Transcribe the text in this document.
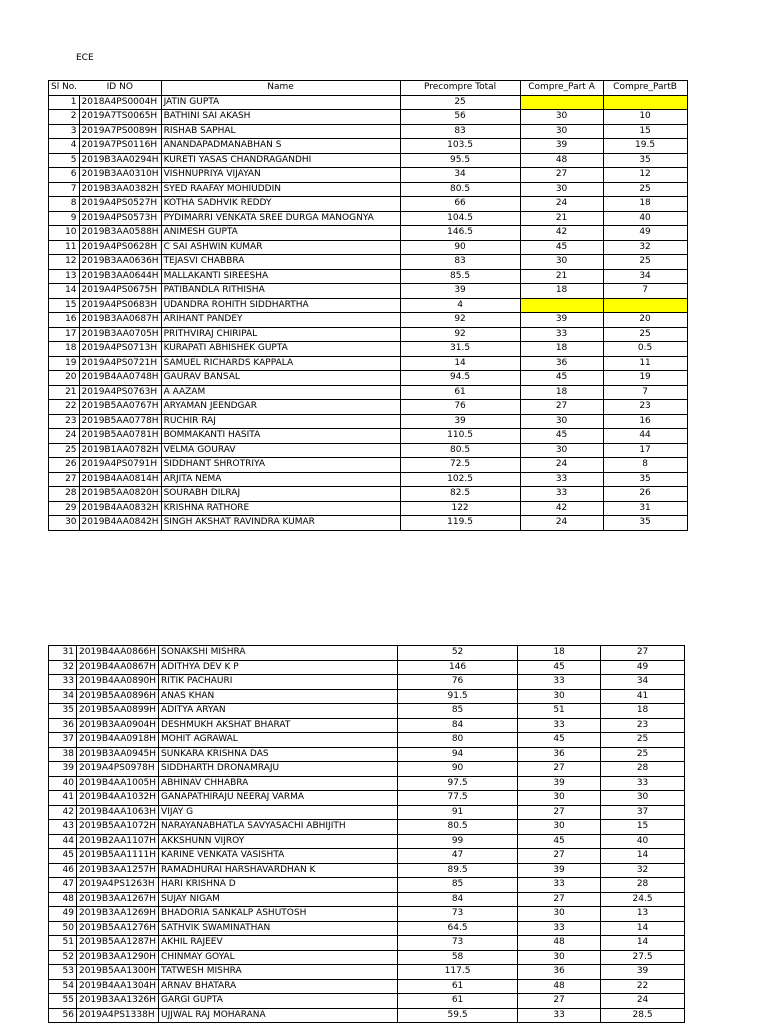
ECE
Sl No.	ID NO	Name	Precompre Total	Compre_Part A	Compre_PartB
1	2018A4PS0004H	JATIN GUPTA	25		
2	2019A7TS0065H	BATHINI SAI AKASH	56	30	10
3	2019A7PS0089H	RISHAB SAPHAL	83	30	15
4	2019A7PS0116H	ANANDAPADMANABHAN S	103.5	39	19.5
5	2019B3AA0294H	KURETI YASAS CHANDRAGANDHI	95.5	48	35
6	2019B3AA0310H	VISHNUPRIYA VIJAYAN	34	27	12
7	2019B3AA0382H	SYED RAAFAY MOHIUDDIN	80.5	30	25
8	2019A4PS0527H	KOTHA SADHVIK REDDY	66	24	18
9	2019A4PS0573H	PYDIMARRI VENKATA SREE DURGA MANOGNYA	104.5	21	40
10	2019B3AA0588H	ANIMESH GUPTA	146.5	42	49
11	2019A4PS0628H	C SAI ASHWIN KUMAR	90	45	32
12	2019B3AA0636H	TEJASVI CHABBRA	83	30	25
13	2019B3AA0644H	MALLAKANTI SIREESHA	85.5	21	34
14	2019A4PS0675H	PATIBANDLA RITHISHA	39	18	7
15	2019A4PS0683H	UDANDRA ROHITH SIDDHARTHA	4		
16	2019B3AA0687H	ARIHANT PANDEY	92	39	20
17	2019B3AA0705H	PRITHVIRAJ CHIRIPAL	92	33	25
18	2019A4PS0713H	KURAPATI ABHISHEK GUPTA	31.5	18	0.5
19	2019A4PS0721H	SAMUEL RICHARDS KAPPALA	14	36	11
20	2019B4AA0748H	GAURAV BANSAL	94.5	45	19
21	2019A4PS0763H	A AAZAM	61	18	7
22	2019B5AA0767H	ARYAMAN JEENDGAR	76	27	23
23	2019B5AA0778H	RUCHIR RAJ	39	30	16
24	2019B5AA0781H	BOMMAKANTI HASITA	110.5	45	44
25	2019B1AA0782H	VELMA GOURAV	80.5	30	17
26	2019A4PS0791H	SIDDHANT SHROTRIYA	72.5	24	8
27	2019B4AA0814H	ARJITA NEMA	102.5	33	35
28	2019B5AA0820H	SOURABH DILRAJ	82.5	33	26
29	2019B4AA0832H	KRISHNA RATHORE	122	42	31
30	2019B4AA0842H	SINGH AKSHAT RAVINDRA KUMAR	119.5	24	35
31	2019B4AA0866H	SONAKSHI MISHRA	52	18	27
32	2019B4AA0867H	ADITHYA DEV K P	146	45	49
33	2019B4AA0890H	RITIK PACHAURI	76	33	34
34	2019B5AA0896H	ANAS KHAN	91.5	30	41
35	2019B5AA0899H	ADITYA ARYAN	85	51	18
36	2019B3AA0904H	DESHMUKH AKSHAT BHARAT	84	33	23
37	2019B4AA0918H	MOHIT AGRAWAL	80	45	25
38	2019B3AA0945H	SUNKARA KRISHNA DAS	94	36	25
39	2019A4PS0978H	SIDDHARTH DRONAMRAJU	90	27	28
40	2019B4AA1005H	ABHINAV CHHABRA	97.5	39	33
41	2019B4AA1032H	GANAPATHIRAJU NEERAJ VARMA	77.5	30	30
42	2019B4AA1063H	VIJAY G	91	27	37
43	2019B5AA1072H	NARAYANABHATLA SAVYASACHI ABHIJITH	80.5	30	15
44	2019B2AA1107H	AKKSHUNN VIJROY	99	45	40
45	2019B5AA1111H	KARINE VENKATA VASISHTA	47	27	14
46	2019B3AA1257H	RAMADHURAI HARSHAVARDHAN K	89.5	39	32
47	2019A4PS1263H	HARI KRISHNA D	85	33	28
48	2019B3AA1267H	SUJAY NIGAM	84	27	24.5
49	2019B3AA1269H	BHADORIA SANKALP ASHUTOSH	73	30	13
50	2019B5AA1276H	SATHVIK SWAMINATHAN	64.5	33	14
51	2019B5AA1287H	AKHIL RAJEEV	73	48	14
52	2019B3AA1290H	CHINMAY GOYAL	58	30	27.5
53	2019B5AA1300H	TATWESH MISHRA	117.5	36	39
54	2019B4AA1304H	ARNAV BHATARA	61	48	22
55	2019B3AA1326H	GARGI GUPTA	61	27	24
56	2019A4PS1338H	UJJWAL RAJ MOHARANA	59.5	33	28.5
